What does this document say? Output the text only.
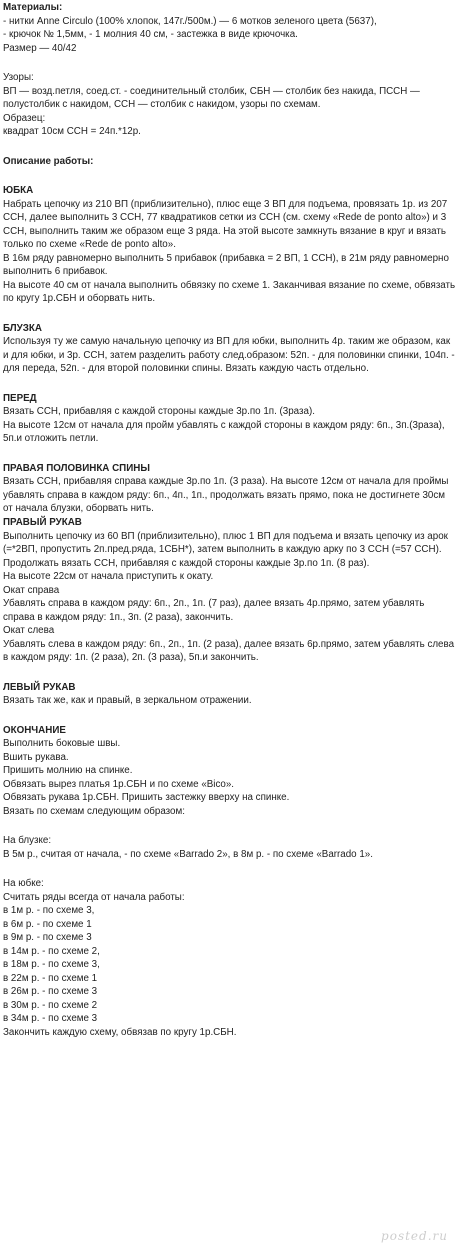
Материалы:
- нитки Anne Circulo (100% хлопок, 147г./500м.) — 6 мотков зеленого цвета (5637),
- крючок № 1,5мм, - 1 молния 40 см, - застежка в виде крючочка.
Размер — 40/42
Узоры:
ВП — возд.петля, соед.ст. - соединительный столбик, СБН — столбик без накида, ПССН — полустолбик с накидом, ССН — столбик с накидом, узоры по схемам.
Образец:
квадрат 10см ССН = 24п.*12р.
Описание работы:
ЮБКА
Набрать цепочку из 210 ВП (приблизительно), плюс еще 3 ВП для подъема, провязать 1р. из 207 ССН, далее выполнить 3 ССН, 77 квадратиков сетки из ССН (см. схему «Rede de ponto alto») и 3 ССН, выполнить таким же образом еще 3 ряда. На этой высоте замкнуть вязание в круг и вязать только по схеме «Rede de ponto alto».
В 16м ряду равномерно выполнить 5 прибавок (прибавка = 2 ВП, 1 ССН), в 21м ряду равномерно выполнить 6 прибавок.
На высоте 40 см от начала выполнить обвязку по схеме 1. Заканчивая вязание по схеме, обвязать по кругу 1р.СБН и оборвать нить.
БЛУЗКА
Используя ту же самую начальную цепочку из ВП для юбки, выполнить 4р. таким же образом, как и для юбки, и 3р. ССН, затем разделить работу след.образом: 52п. - для половинки спинки, 104п. - для переда, 52п. - для второй половинки спины. Вязать каждую часть отдельно.
ПЕРЕД
Вязать ССН, прибавляя с каждой стороны каждые 3р.по 1п. (3раза).
На высоте 12см от начала для пройм убавлять с каждой стороны в каждом ряду: 6п., 3п.(3раза), 5п.и отложить петли.
ПРАВАЯ ПОЛОВИНКА СПИНЫ
Вязать ССН, прибавляя справа каждые 3р.по 1п. (3 раза). На высоте 12см от начала для проймы убавлять справа в каждом ряду: 6п., 4п., 1п., продолжать вязать прямо, пока не достигнете 30см от начала блузки, оборвать нить.
ПРАВЫЙ РУКАВ
Выполнить цепочку из 60 ВП (приблизительно), плюс 1 ВП для подъема и вязать цепочку из арок (=*2ВП, пропустить 2п.пред.ряда, 1СБН*), затем выполнить в каждую арку по 3 ССН (=57 ССН). Продолжать вязать ССН, прибавляя с каждой стороны каждые 3р.по 1п. (8 раз).
На высоте 22см от начала приступить к окату.
Окат справа
Убавлять справа в каждом ряду: 6п., 2п., 1п. (7 раз), далее вязать 4р.прямо, затем убавлять справа в каждом ряду: 1п., 3п. (2 раза), закончить.
Окат слева
Убавлять слева в каждом ряду: 6п., 2п., 1п. (2 раза), далее вязать 6р.прямо, затем убавлять слева в каждом ряду: 1п. (2 раза), 2п. (3 раза), 5п.и закончить.
ЛЕВЫЙ РУКАВ
Вязать так же, как и правый, в зеркальном отражении.
ОКОНЧАНИЕ
Выполнить боковые швы.
Вшить рукава.
Пришить молнию на спинке.
Обвязать вырез платья 1р.СБН и по схеме «Bico».
Обвязать рукава 1р.СБН. Пришить застежку вверху на спинке.
Вязать по схемам следующим образом:
На блузке:
В 5м р., считая от начала, - по схеме «Barrado 2», в 8м р. - по схеме «Barrado 1».
На юбке:
Считать ряды всегда от начала работы:
в 1м р. - по схеме 3,
в 6м р. - по схеме 1
в 9м р. - по схеме 3
в 14м р. - по схеме 2,
в 18м р. - по схеме 3,
в 22м р. - по схеме 1
в 26м р. - по схеме 3
в 30м р. - по схеме 2
в 34м р. - по схеме 3
Закончить каждую схему, обвязав по кругу 1р.СБН.
posted.ru
